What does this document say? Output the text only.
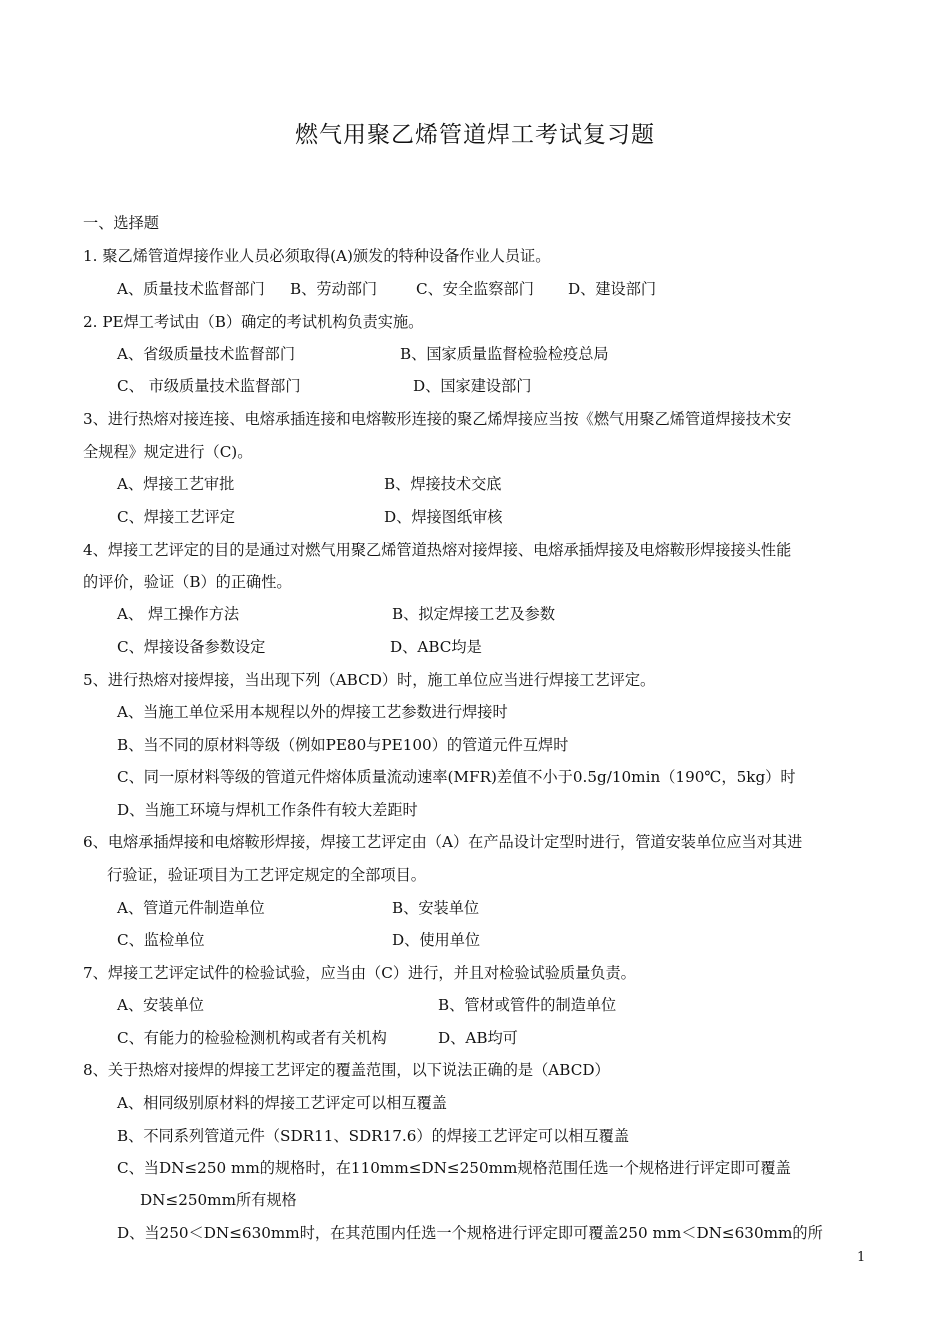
燃气用聚乙烯管道焊工考试复习题
一、选择题
1. 聚乙烯管道焊接作业人员必须取得(A)颁发的特种设备作业人员证。
A、质量技术监督部门 B、劳动部门	C、安全监察部门 D、建设部门
2. PE焊工考试由（B）确定的考试机构负责实施。
A、省级质量技术监督部门	B、国家质量监督检验检疫总局
C、 市级质量技术监督部门	D、国家建设部门
3、进行热熔对接连接、电熔承插连接和电熔鞍形连接的聚乙烯焊接应当按《燃气用聚乙烯管道焊接技术安
全规程》规定进行（C)。
A、焊接工艺审批	B、焊接技术交底
C、焊接工艺评定	D、焊接图纸审核
4、焊接工艺评定的目的是通过对燃气用聚乙烯管道热熔对接焊接、电熔承插焊接及电熔鞍形焊接接头性能
的评价，验证（B）的正确性。
A、 焊工操作方法	B、拟定焊接工艺及参数
C、焊接设备参数设定	D、ABC均是
5、进行热熔对接焊接，当出现下列（ABCD）时，施工单位应当进行焊接工艺评定。
A、当施工单位采用本规程以外的焊接工艺参数进行焊接时
B、当不同的原材料等级（例如PE80与PE100）的管道元件互焊时
C、同一原材料等级的管道元件熔体质量流动速率(MFR)差值不小于0.5g/10min（190℃，5kg）时
D、当施工环境与焊机工作条件有较大差距时
6、电熔承插焊接和电熔鞍形焊接，焊接工艺评定由（A）在产品设计定型时进行，管道安装单位应当对其进
行验证，验证项目为工艺评定规定的全部项目。
A、管道元件制造单位	B、安装单位
C、监检单位	D、使用单位
7、焊接工艺评定试件的检验试验，应当由（C）进行，并且对检验试验质量负责。
A、安装单位	B、管材或管件的制造单位
C、有能力的检验检测机构或者有关机构	D、AB均可
8、关于热熔对接焊的焊接工艺评定的覆盖范围，以下说法正确的是（ABCD）
A、相同级别原材料的焊接工艺评定可以相互覆盖
B、不同系列管道元件（SDR11、SDR17.6）的焊接工艺评定可以相互覆盖
C、当DN≤250 mm的规格时，在110mm≤DN≤250mm规格范围任选一个规格进行评定即可覆盖
DN≤250mm所有规格
D、当250＜DN≤630mm时，在其范围内任选一个规格进行评定即可覆盖250 mm＜DN≤630mm的所
1
